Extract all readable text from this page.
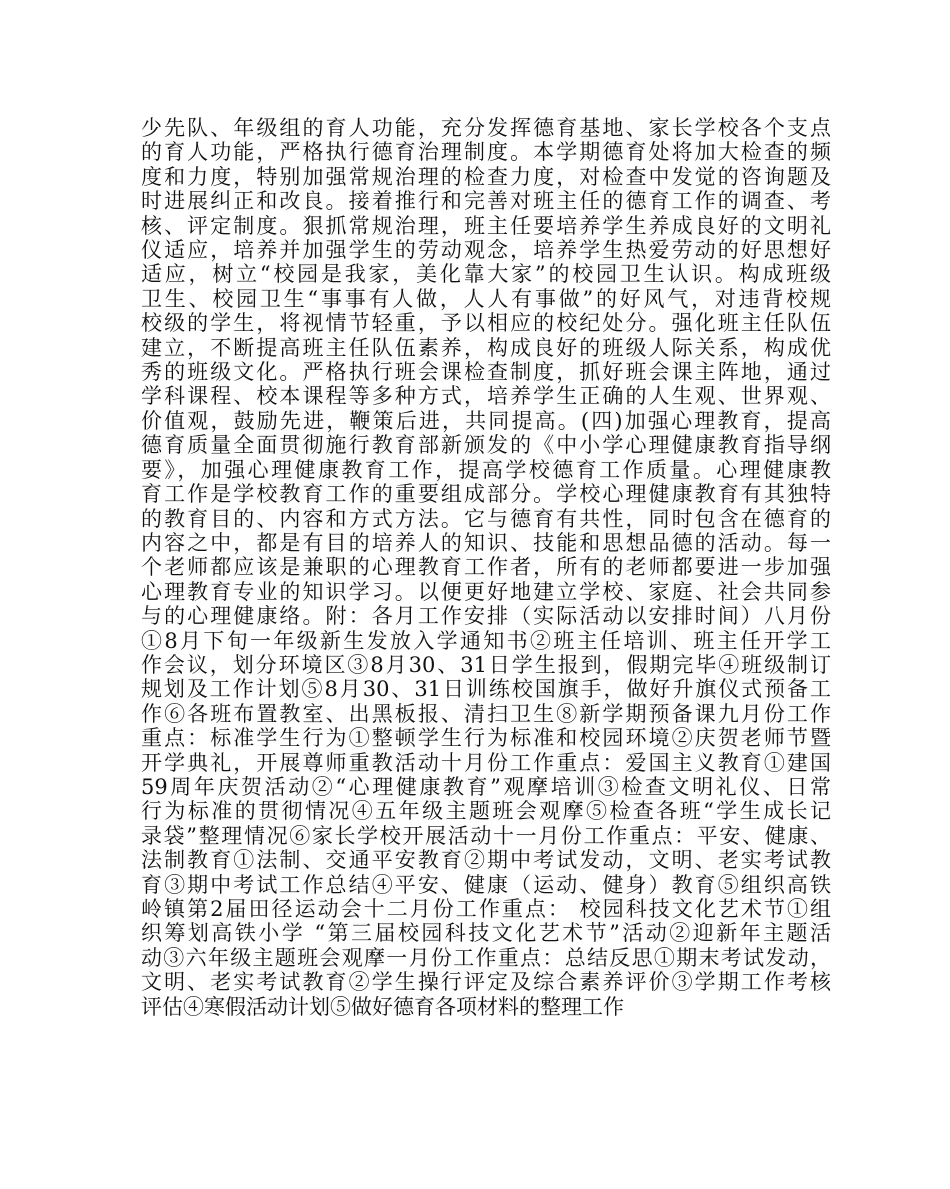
少先队、年级组的育人功能，充分发挥德育基地、家长学校各个支点
的育人功能，严格执行德育治理制度。本学期德育处将加大检查的频
度和力度，特别加强常规治理的检查力度，对检查中发觉的咨询题及
时进展纠正和改良。接着推行和完善对班主任的德育工作的调查、考
核、评定制度。狠抓常规治理，班主任要培养学生养成良好的文明礼
仪适应，培养并加强学生的劳动观念，培养学生热爱劳动的好思想好
适应，树立“校园是我家，美化靠大家”的校园卫生认识。构成班级
卫生、校园卫生“事事有人做，人人有事做”的好风气，对违背校规
校级的学生，将视情节轻重，予以相应的校纪处分。强化班主任队伍
建立，不断提高班主任队伍素养，构成良好的班级人际关系，构成优
秀的班级文化。严格执行班会课检查制度，抓好班会课主阵地，通过
学科课程、校本课程等多种方式，培养学生正确的人生观、世界观、
价值观，鼓励先进，鞭策后进，共同提高。(四)加强心理教育，提高
德育质量全面贯彻施行教育部新颁发的《中小学心理健康教育指导纲
要》，加强心理健康教育工作，提高学校德育工作质量。心理健康教
育工作是学校教育工作的重要组成部分。学校心理健康教育有其独特
的教育目的、内容和方式方法。它与德育有共性，同时包含在德育的
内容之中，都是有目的培养人的知识、技能和思想品德的活动。每一
个老师都应该是兼职的心理教育工作者，所有的老师都要进一步加强
心理教育专业的知识学习。以便更好地建立学校、家庭、社会共同参
与的心理健康络。附：各月工作安排（实际活动以安排时间）八月份
①8月下旬一年级新生发放入学通知书②班主任培训、班主任开学工
作会议，划分环境区③8月30、31日学生报到，假期完毕④班级制订
规划及工作计划⑤8月30、31日训练校国旗手，做好升旗仪式预备工
作⑥各班布置教室、出黑板报、清扫卫生⑧新学期预备课九月份工作
重点：标准学生行为①整顿学生行为标准和校园环境②庆贺老师节暨
开学典礼，开展尊师重教活动十月份工作重点：爱国主义教育①建国
59周年庆贺活动②“心理健康教育”观摩培训③检查文明礼仪、日常
行为标准的贯彻情况④五年级主题班会观摩⑤检查各班“学生成长记
录袋”整理情况⑥家长学校开展活动十一月份工作重点：平安、健康、
法制教育①法制、交通平安教育②期中考试发动，文明、老实考试教
育③期中考试工作总结④平安、健康（运动、健身）教育⑤组织高铁
岭镇第2届田径运动会十二月份工作重点： 校园科技文化艺术节①组
织筹划高铁小学 “第三届校园科技文化艺术节”活动②迎新年主题活
动③六年级主题班会观摩一月份工作重点：总结反思①期末考试发动，
文明、老实考试教育②学生操行评定及综合素养评价③学期工作考核
评估④寒假活动计划⑤做好德育各项材料的整理工作
